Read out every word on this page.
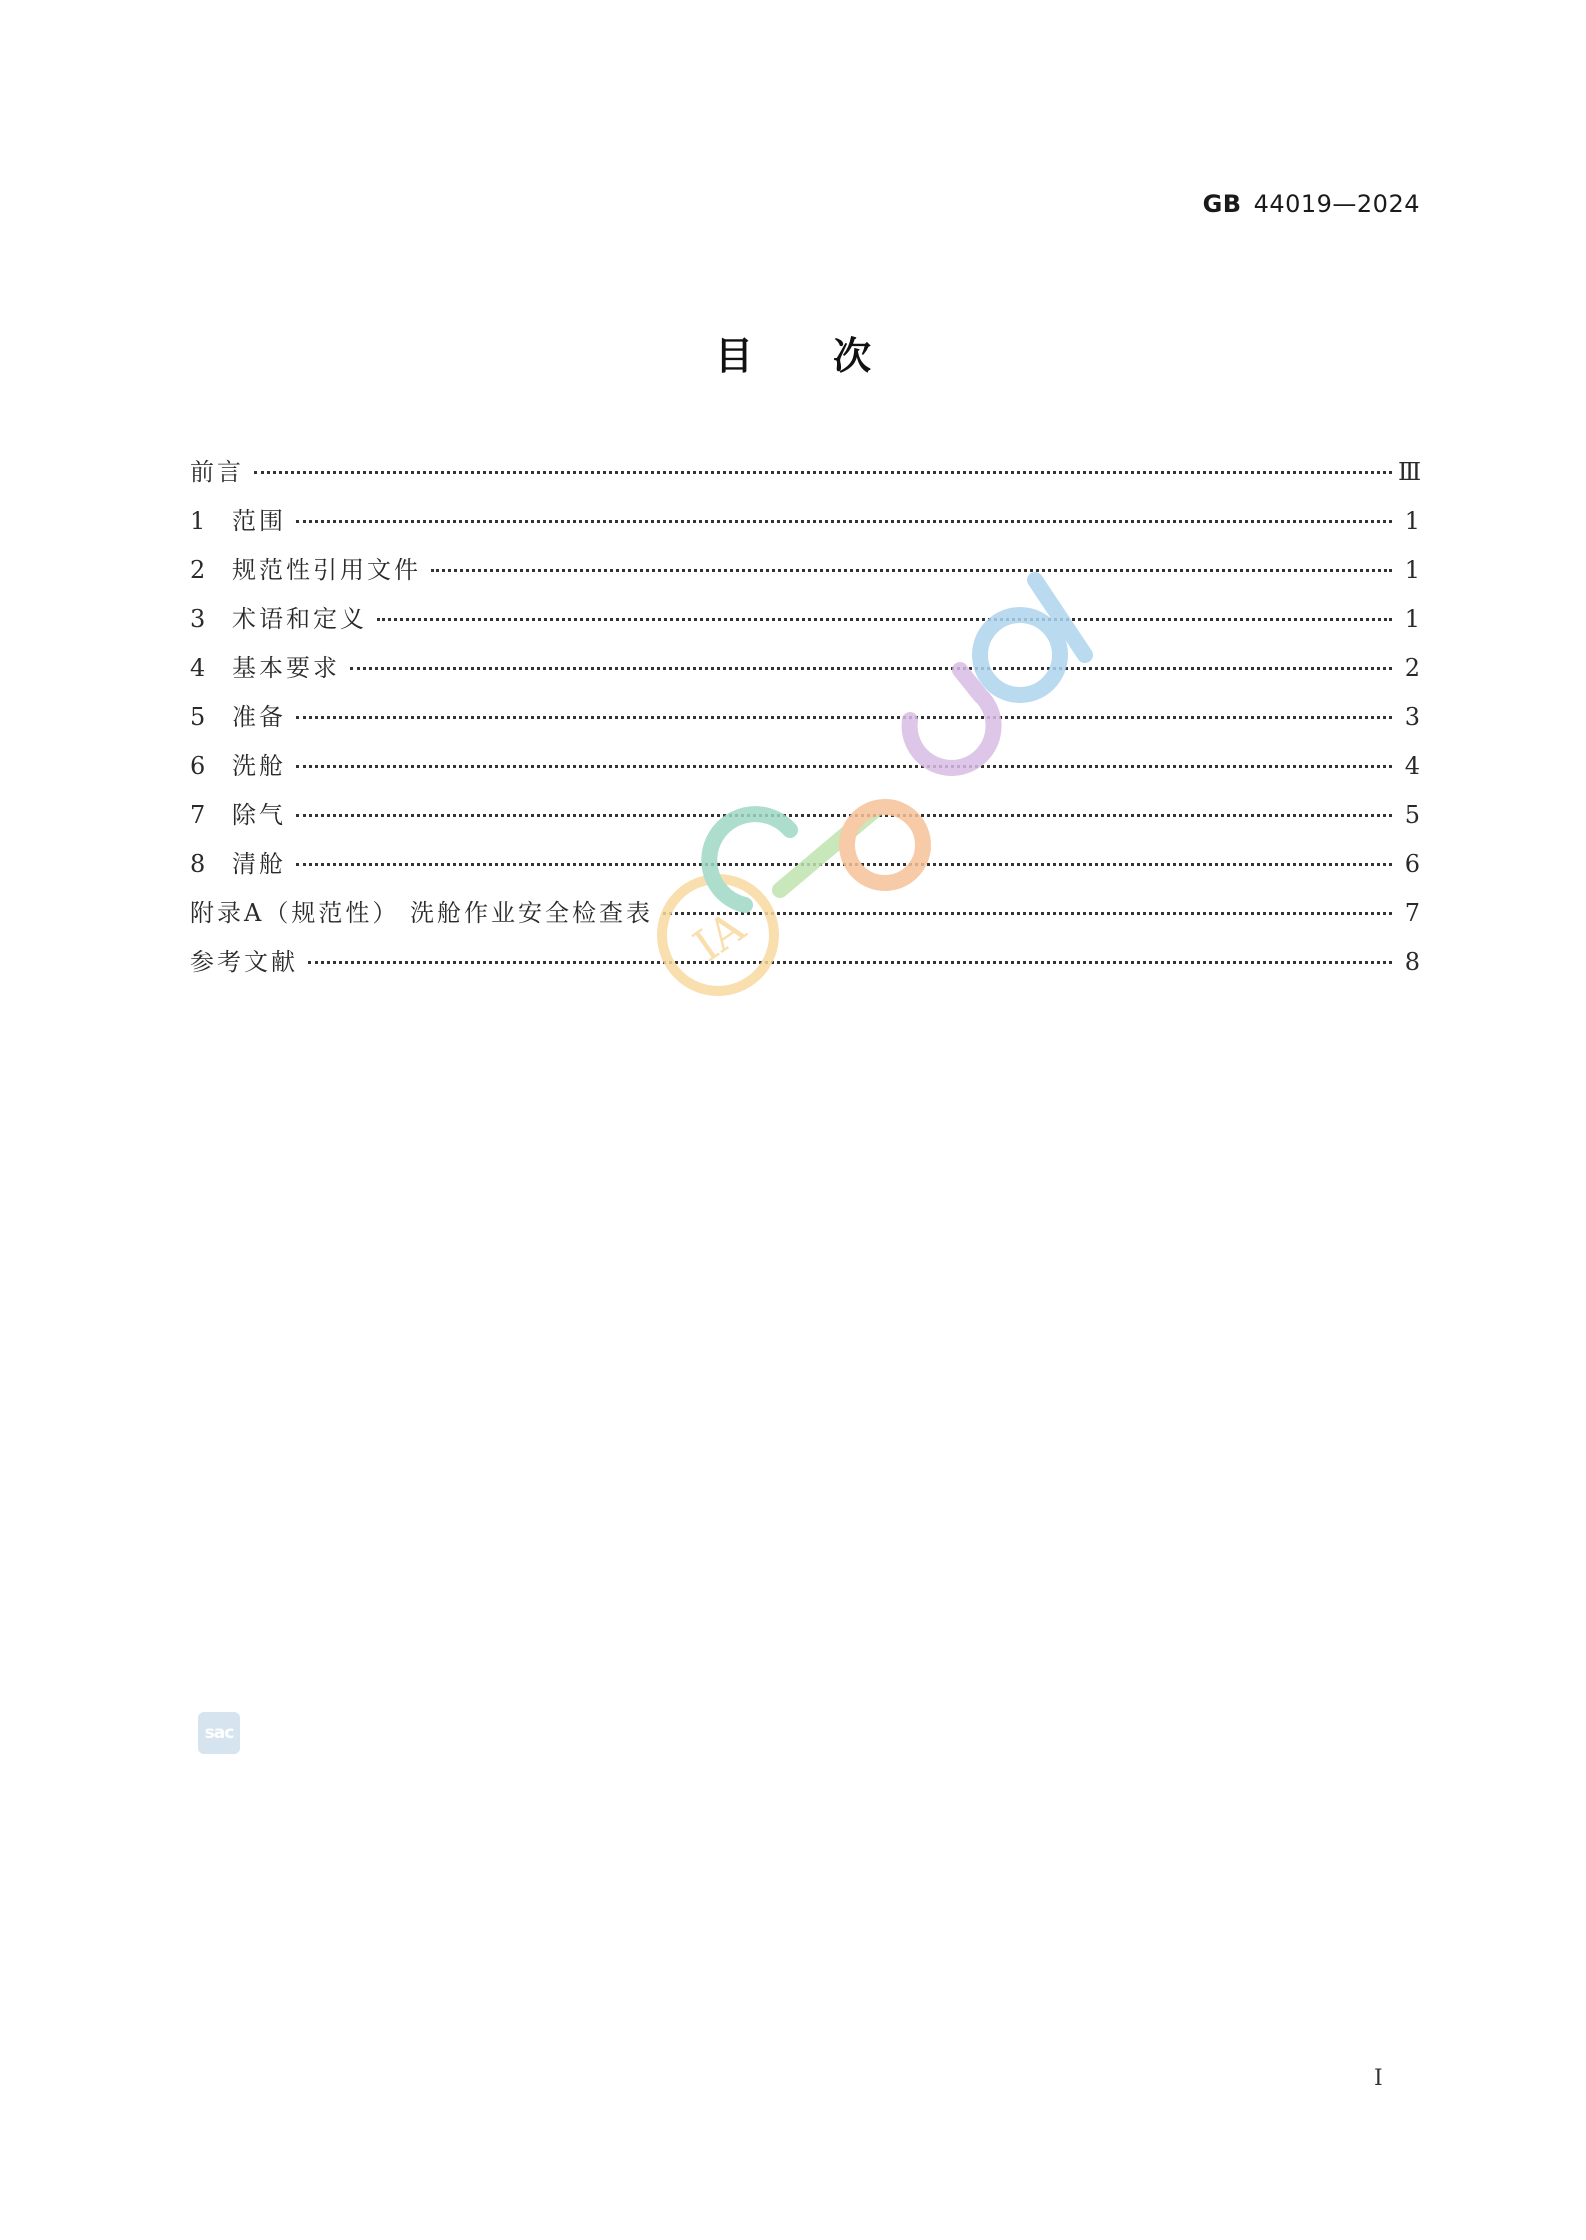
GB 44019—2024
目次
前言	Ⅲ
1	范围	1
2	规范性引用文件	1
3	术语和定义	1
4	基本要求	2
5	准备	3
6	洗舱	4
7	除气	5
8	清舱	6
附录A（规范性） 洗舱作业安全检查表	7
参考文献	8
IA
sac
I
